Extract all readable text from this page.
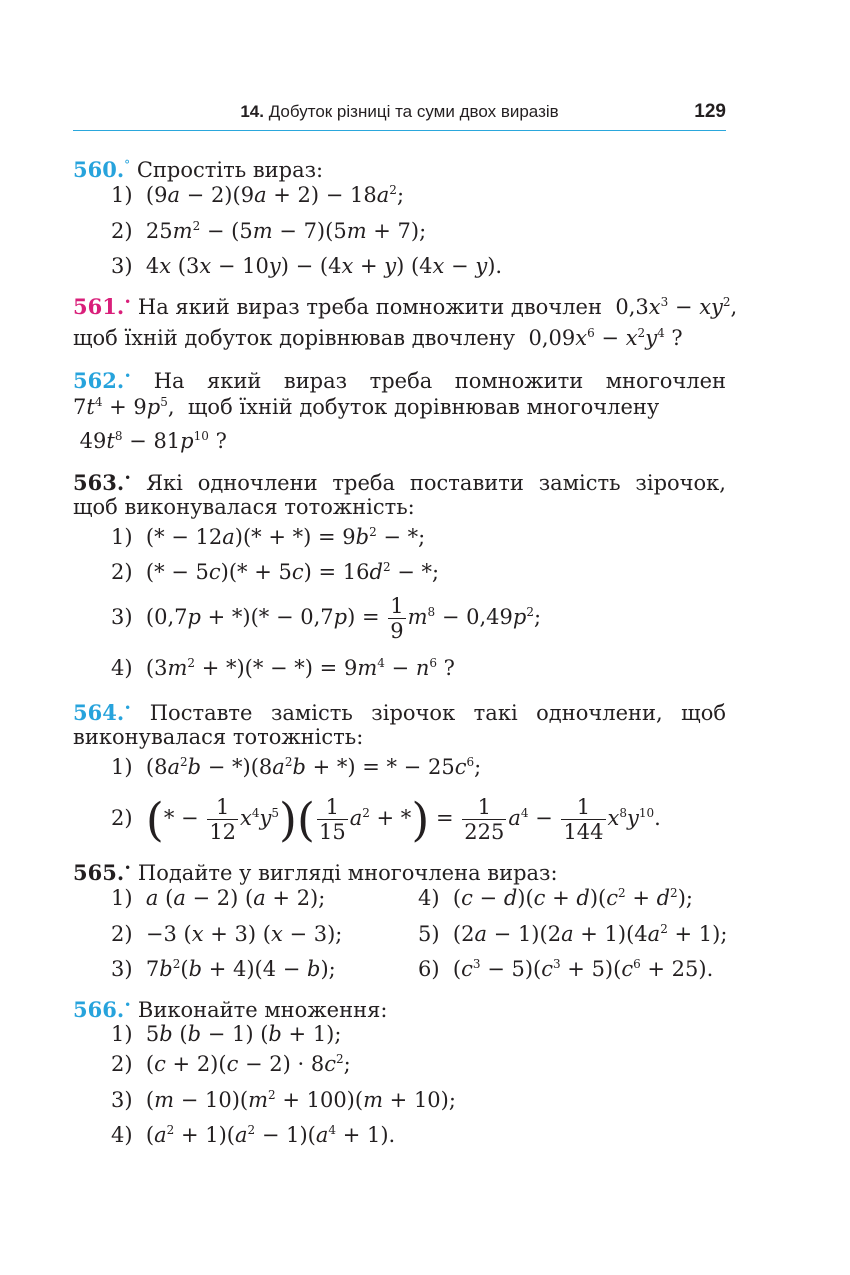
14. Добуток різниці та суми двох виразів	129
560.° Спростіть вираз:
1)  $(9a - 2)(9a + 2) - 18a^2$;
2)  $25m^2 - (5m - 7)(5m + 7)$;
3)  4x (3x − 10y) − (4x + y) (4x − y).
561.• На який вираз треба помножити двочлен  $0,3x^3 - xy^2$,
щоб їхній добуток дорівнював двочлену  $0,09x^6 - x^2y^4$ ?
562.• На який вираз треба помножити многочлен
$7t^4 + 9p^5$,  щоб їхній добуток дорівнював многочлену
$49t^8 - 81p^{10}$ ?
563.• Які одночлени треба поставити замість зірочок,
щоб виконувалася тотожність:
1)  (* − 12a)(* + *) = $9b^2$ − *;
2)  (* − $5c)(* + 5c) = 16d^2$ − *;
3)  (0,7p + *)(* − $0,7p) = \frac{1}{9} m^8 - 0,49p^2$;
4)  ($3m^2$ + *)(* − *) = $9m^4 - n^6$ ?
564.• Поставте замість зірочок такі одночлени, щоб
виконувалася тотожність:
1)  $(8a^2b - *)(8a^2b$ + *) = * − $25c^6$;
2)  (* − $\frac{1}{12} x^4y^5)( \frac{1}{15} a^2$ + *) = $\frac{1}{225} a^4 - \frac{1}{144} x^8y^{10}$.
565.• Подайте у вигляді многочлена вираз:
1)  a (a − 2) (a + 2);
2)  −3 (x + 3) (x − 3);
3)  $7b^2(b + 4)(4 - b)$;
4)  $(c - d)(c + d)(c^2 + d^2)$;
5)  $(2a - 1)(2a + 1)(4a^2 + 1)$;
6)  $(c^3 - 5)(c^3 + 5)(c^6 + 25)$.
566.• Виконайте множення:
1)  5b (b − 1) (b + 1);
2)  $(c + 2)(c - 2) \cdot 8c^2$;
3)  $(m - 10)(m^2 + 100)(m + 10)$;
4)  $(a^2 + 1)(a^2 - 1)(a^4 + 1)$.
